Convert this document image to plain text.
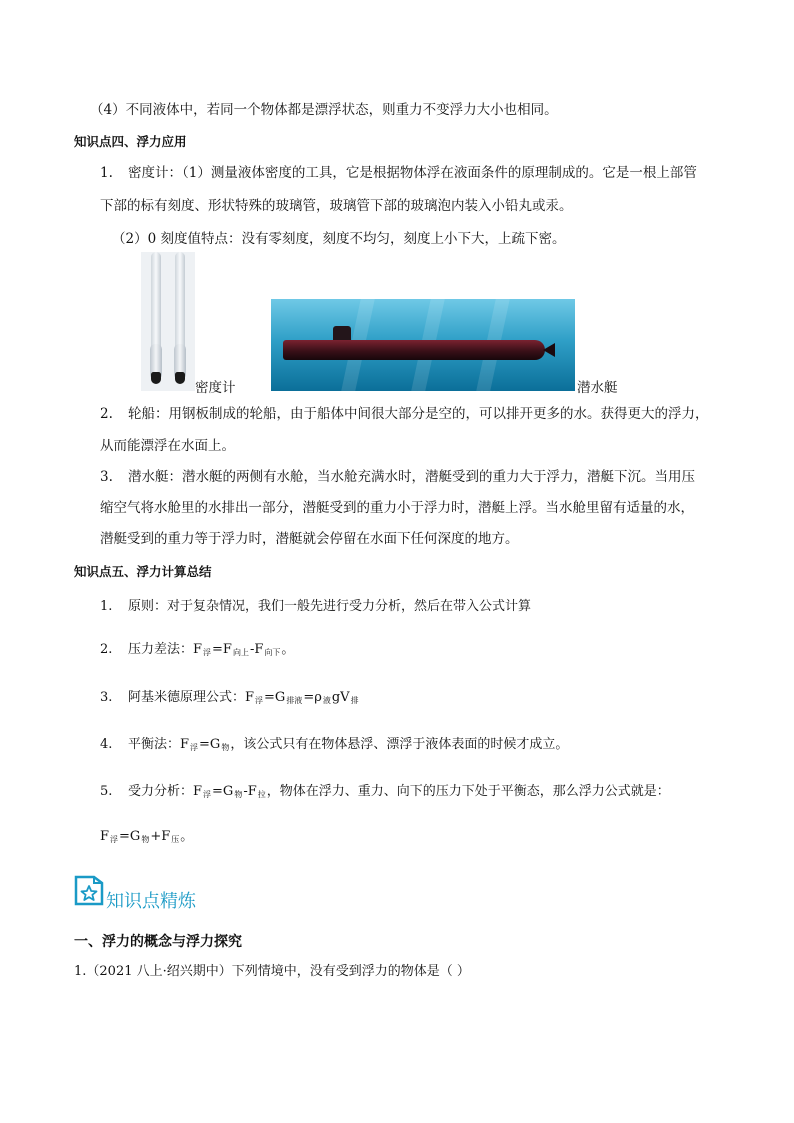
（4）不同液体中，若同一个物体都是漂浮状态，则重力不变浮力大小也相同。
知识点四、浮力应用
1. 密度计：（1）测量液体密度的工具，它是根据物体浮在液面条件的原理制成的。它是一根上部管
下部的标有刻度、形状特殊的玻璃管，玻璃管下部的玻璃泡内装入小铅丸或汞。
（2）0 刻度值特点：没有零刻度，刻度不均匀，刻度上小下大，上疏下密。
密度计	潜水艇
2. 轮船：用钢板制成的轮船，由于船体中间很大部分是空的，可以排开更多的水。获得更大的浮力，
从而能漂浮在水面上。
3. 潜水艇：潜水艇的两侧有水舱，当水舱充满水时，潜艇受到的重力大于浮力，潜艇下沉。当用压
缩空气将水舱里的水排出一部分，潜艇受到的重力小于浮力时，潜艇上浮。当水舱里留有适量的水，
潜艇受到的重力等于浮力时，潜艇就会停留在水面下任何深度的地方。
知识点五、浮力计算总结
1. 原则：对于复杂情况，我们一般先进行受力分析，然后在带入公式计算
2. 压力差法：$F_浮=F_{向上}-F_{向下}$。
3. 阿基米德原理公式：$F_浮=G_{排液}=\rho_液gV_排$
4. 平衡法：$F_浮=G_物$，该公式只有在物体悬浮、漂浮于液体表面的时候才成立。
5. 受力分析：$F_浮=G_物-F_拉$，物体在浮力、重力、向下的压力下处于平衡态，那么浮力公式就是：
$F_浮=G_物+F_压$。
知识点精炼
一、浮力的概念与浮力探究
1.（2021 八上·绍兴期中）下列情境中，没有受到浮力的物体是（ ）
